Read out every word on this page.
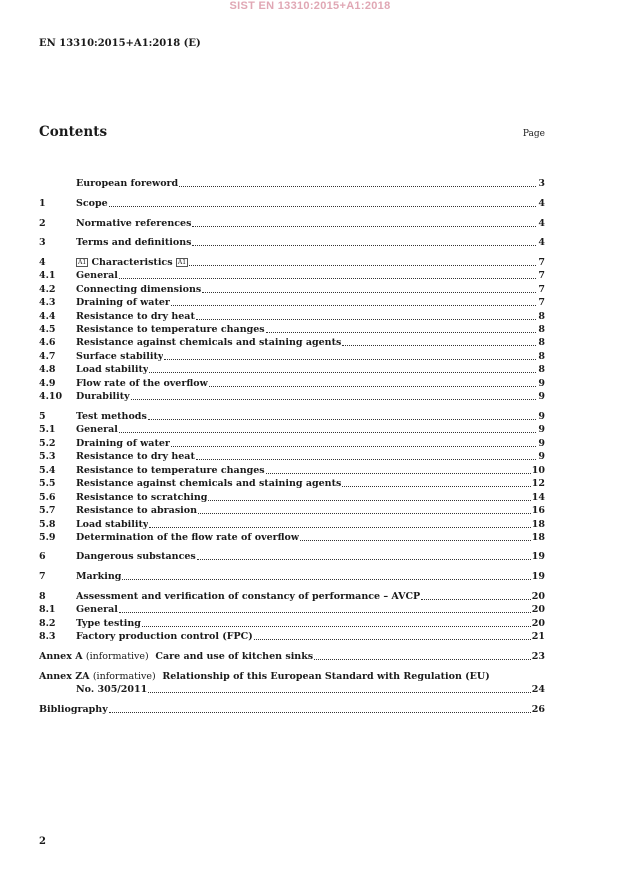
SIST EN 13310:2015+A1:2018
EN 13310:2015+A1:2018 (E)
Contents	Page
European foreword	3
1	Scope	4
2	Normative references	4
3	Terms and definitions	4
4	A1 Characteristics A1	7
4.1	General	7
4.2	Connecting dimensions	7
4.3	Draining of water	7
4.4	Resistance to dry heat	8
4.5	Resistance to temperature changes	8
4.6	Resistance against chemicals and staining agents	8
4.7	Surface stability	8
4.8	Load stability	8
4.9	Flow rate of the overflow	9
4.10	Durability	9
5	Test methods	9
5.1	General	9
5.2	Draining of water	9
5.3	Resistance to dry heat	9
5.4	Resistance to temperature changes	10
5.5	Resistance against chemicals and staining agents	12
5.6	Resistance to scratching	14
5.7	Resistance to abrasion	16
5.8	Load stability	18
5.9	Determination of the flow rate of overflow	18
6	Dangerous substances	19
7	Marking	19
8	Assessment and verification of constancy of performance – AVCP	20
8.1	General	20
8.2	Type testing	20
8.3	Factory production control (FPC)	21
Annex A (informative) Care and use of kitchen sinks	23
Annex ZA (informative) Relationship of this European Standard with Regulation (EU)
No. 305/2011	24
Bibliography	26
2
